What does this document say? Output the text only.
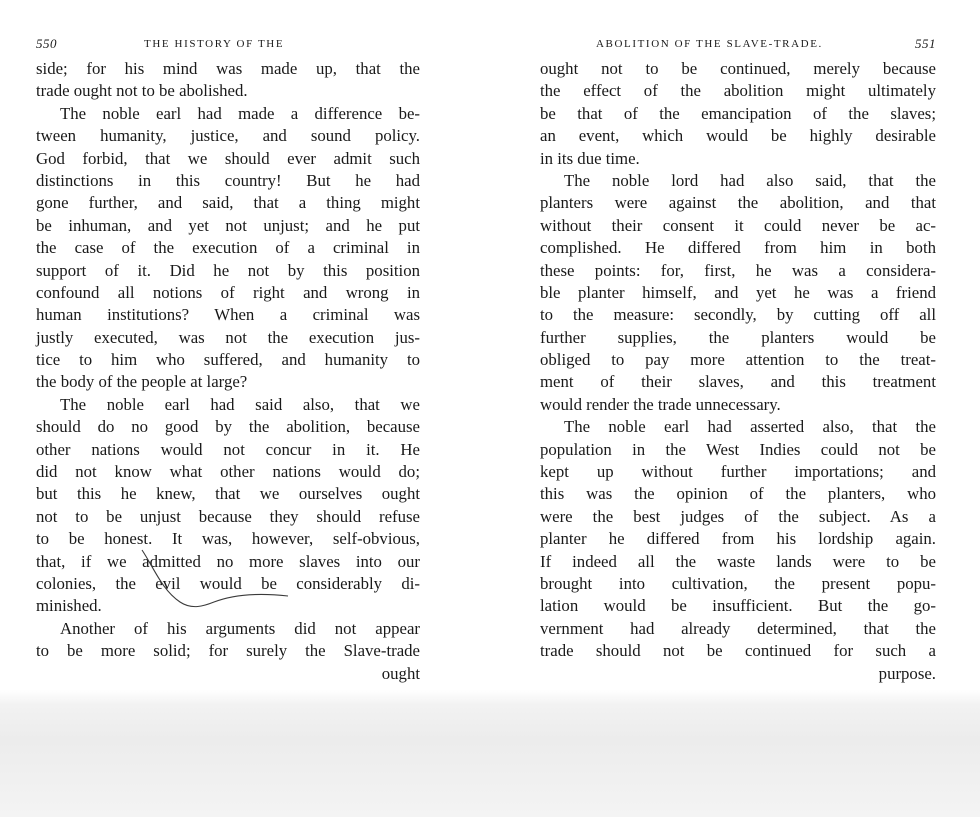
550	THE HISTORY OF THE
side; for his mind was made up, that the
trade ought not to be abolished.
The noble earl had made a difference be-
tween humanity, justice, and sound policy.
God forbid, that we should ever admit such
distinctions in this country! But he had
gone further, and said, that a thing might
be inhuman, and yet not unjust; and he put
the case of the execution of a criminal in
support of it. Did he not by this position
confound all notions of right and wrong in
human institutions? When a criminal was
justly executed, was not the execution jus-
tice to him who suffered, and humanity to
the body of the people at large?
The noble earl had said also, that we
should do no good by the abolition, because
other nations would not concur in it. He
did not know what other nations would do;
but this he knew, that we ourselves ought
not to be unjust because they should refuse
to be honest. It was, however, self-obvious,
that, if we admitted no more slaves into our
colonies, the evil would be considerably di-
minished.
Another of his arguments did not appear
to be more solid; for surely the Slave-trade
ought
ABOLITION OF THE SLAVE-TRADE.	551
ought not to be continued, merely because
the effect of the abolition might ultimately
be that of the emancipation of the slaves;
an event, which would be highly desirable
in its due time.
The noble lord had also said, that the
planters were against the abolition, and that
without their consent it could never be ac-
complished. He differed from him in both
these points: for, first, he was a considera-
ble planter himself, and yet he was a friend
to the measure: secondly, by cutting off all
further supplies, the planters would be
obliged to pay more attention to the treat-
ment of their slaves, and this treatment
would render the trade unnecessary.
The noble earl had asserted also, that the
population in the West Indies could not be
kept up without further importations; and
this was the opinion of the planters, who
were the best judges of the subject. As a
planter he differed from his lordship again.
If indeed all the waste lands were to be
brought into cultivation, the present popu-
lation would be insufficient. But the go-
vernment had already determined, that the
trade should not be continued for such a
purpose.
